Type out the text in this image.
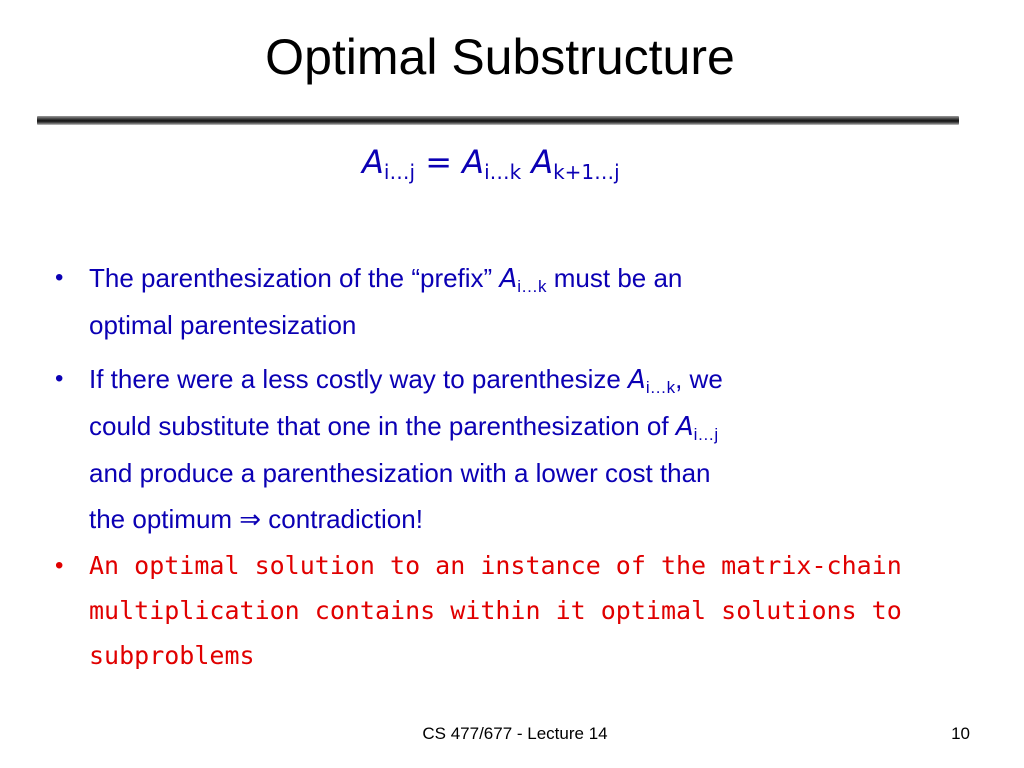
Optimal Substructure
$A_{i\dots j} = A_{i\dots k}$ $A_{k+1\dots j}$
• The parenthesization of the “prefix” $A_{i\dots k}$ must be an
optimal parentesization
• If there were a less costly way to parenthesize $A_{i\dots k}$, we
could substitute that one in the parenthesization of $A_{i\dots j}$
and produce a parenthesization with a lower cost than
the optimum ⇒ contradiction!
• An optimal solution to an instance of the matrix-chain
multiplication contains within it optimal solutions to
subproblems
CS 477/677 - Lecture 14	10
